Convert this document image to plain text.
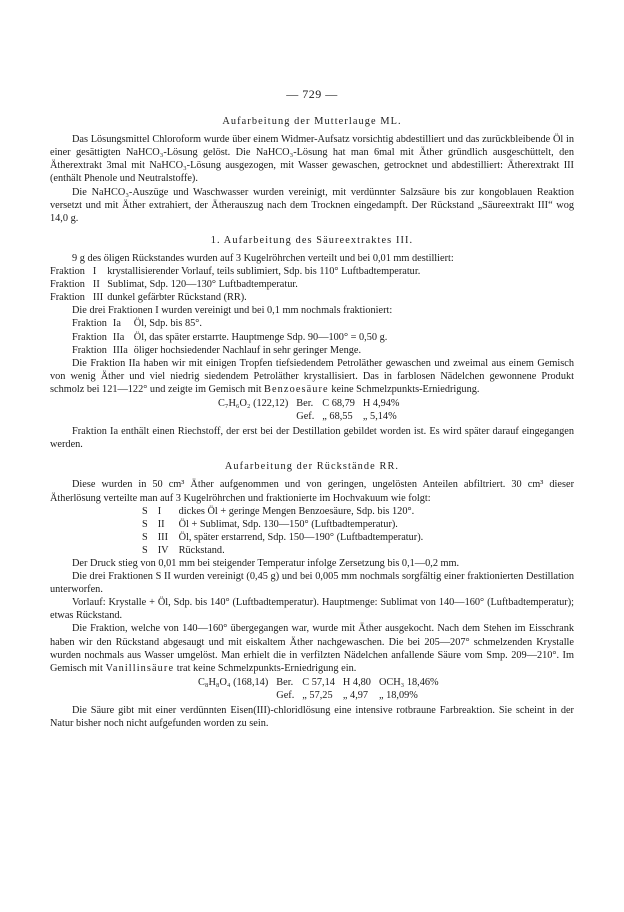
— 729 —
Aufarbeitung der Mutterlauge ML.

Das Lösungsmittel Chloroform wurde über einem Widmer-Aufsatz vorsichtig abdestilliert und das zurückbleibende Öl in einer gesättigten NaHCO₃-Lösung gelöst. Die NaHCO₃-Lösung hat man 6mal mit Äther gründlich ausgeschüttelt, den Ätherextrakt 3mal mit NaHCO₃-Lösung ausgezogen, mit Wasser gewaschen, getrocknet und abdestilliert: Ätherextrakt III (enthält Phenole und Neutralstoffe).

Die NaHCO₃-Auszüge und Waschwasser wurden vereinigt, mit verdünnter Salzsäure bis zur kongoblauen Reaktion versetzt und mit Äther extrahiert, der Ätherauszug nach dem Trocknen eingedampft. Der Rückstand „Säureextrakt III“ wog 14,0 g.

1. Aufarbeitung des Säureextraktes III.

9 g des öligen Rückstandes wurden auf 3 Kugelröhrchen verteilt und bei 0,01 mm destilliert:

Fraktion	I	krystallisierender Vorlauf, teils sublimiert, Sdp. bis 110° Luftbadtemperatur.
Fraktion	II	Sublimat, Sdp. 120—130° Luftbadtemperatur.
Fraktion	III	dunkel gefärbter Rückstand (RR).

Die drei Fraktionen I wurden vereinigt und bei 0,1 mm nochmals fraktioniert:

Fraktion	Ia	Öl, Sdp. bis 85°.
Fraktion	IIa	Öl, das später erstarrte. Hauptmenge Sdp. 90—100° = 0,50 g.
Fraktion	IIIa	öliger hochsiedender Nachlauf in sehr geringer Menge.

Die Fraktion IIa haben wir mit einigen Tropfen tiefsiedendem Petroläther gewaschen und zweimal aus einem Gemisch von wenig Äther und viel niedrig siedendem Petroläther krystallisiert. Das in farblosen Nädelchen gewonnene Produkt schmolz bei 121—122° und zeigte im Gemisch mit Benzoesäure keine Schmelzpunkts-Erniedrigung.

C₇H₆O₂ (122,12)	Ber.	C 68,79	H 4,94%
	Gef.	„ 68,55	„ 5,14%

Fraktion Ia enthält einen Riechstoff, der erst bei der Destillation gebildet worden ist. Es wird später darauf eingegangen werden.

Aufarbeitung der Rückstände RR.

Diese wurden in 50 cm³ Äther aufgenommen und von geringen, ungelösten Anteilen abfiltriert. 30 cm³ dieser Ätherlösung verteilte man auf 3 Kugelröhrchen und fraktionierte im Hochvakuum wie folgt:

S	I	dickes Öl + geringe Mengen Benzoesäure, Sdp. bis 120°.
S	II	Öl + Sublimat, Sdp. 130—150° (Luftbadtemperatur).
S	III	Öl, später erstarrend, Sdp. 150—190° (Luftbadtemperatur).
S	IV	Rückstand.

Der Druck stieg von 0,01 mm bei steigender Temperatur infolge Zersetzung bis 0,1—0,2 mm.

Die drei Fraktionen S II wurden vereinigt (0,45 g) und bei 0,005 mm nochmals sorgfältig einer fraktionierten Destillation unterworfen.

Vorlauf: Krystalle + Öl, Sdp. bis 140° (Luftbadtemperatur). Hauptmenge: Sublimat von 140—160° (Luftbadtemperatur); etwas Rückstand.

Die Fraktion, welche von 140—160° übergegangen war, wurde mit Äther ausgekocht. Nach dem Stehen im Eisschrank haben wir den Rückstand abgesaugt und mit eiskaltem Äther nachgewaschen. Die bei 205—207° schmelzenden Krystalle wurden nochmals aus Wasser umgelöst. Man erhielt die in verfilzten Nädelchen anfallende Säure vom Smp. 209—210°. Im Gemisch mit Vanillinsäure trat keine Schmelzpunkts-Erniedrigung ein.

C₈H₈O₄ (168,14)	Ber.	C 57,14	H 4,80	OCH₃ 18,46%
	Gef.	„ 57,25	„ 4,97	„ 18,09%

Die Säure gibt mit einer verdünnten Eisen(III)-chloridlösung eine intensive rotbraune Farbreaktion. Sie scheint in der Natur bisher noch nicht aufgefunden worden zu sein.
